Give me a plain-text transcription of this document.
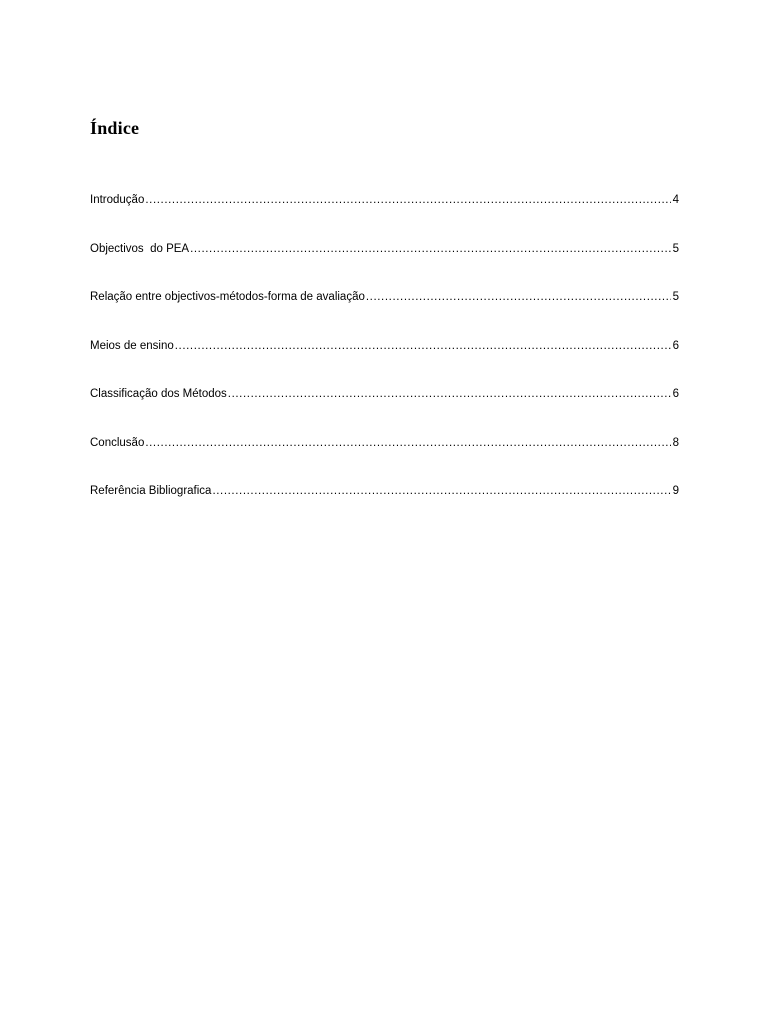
Índice
Introdução .....	4
Objectivos  do PEA .....	5
Relação entre objectivos-métodos-forma de avaliação .....	5
Meios de ensino .....	6
Classificação dos Métodos .....	6
Conclusão .....	8
Referência Bibliografica .....	9
